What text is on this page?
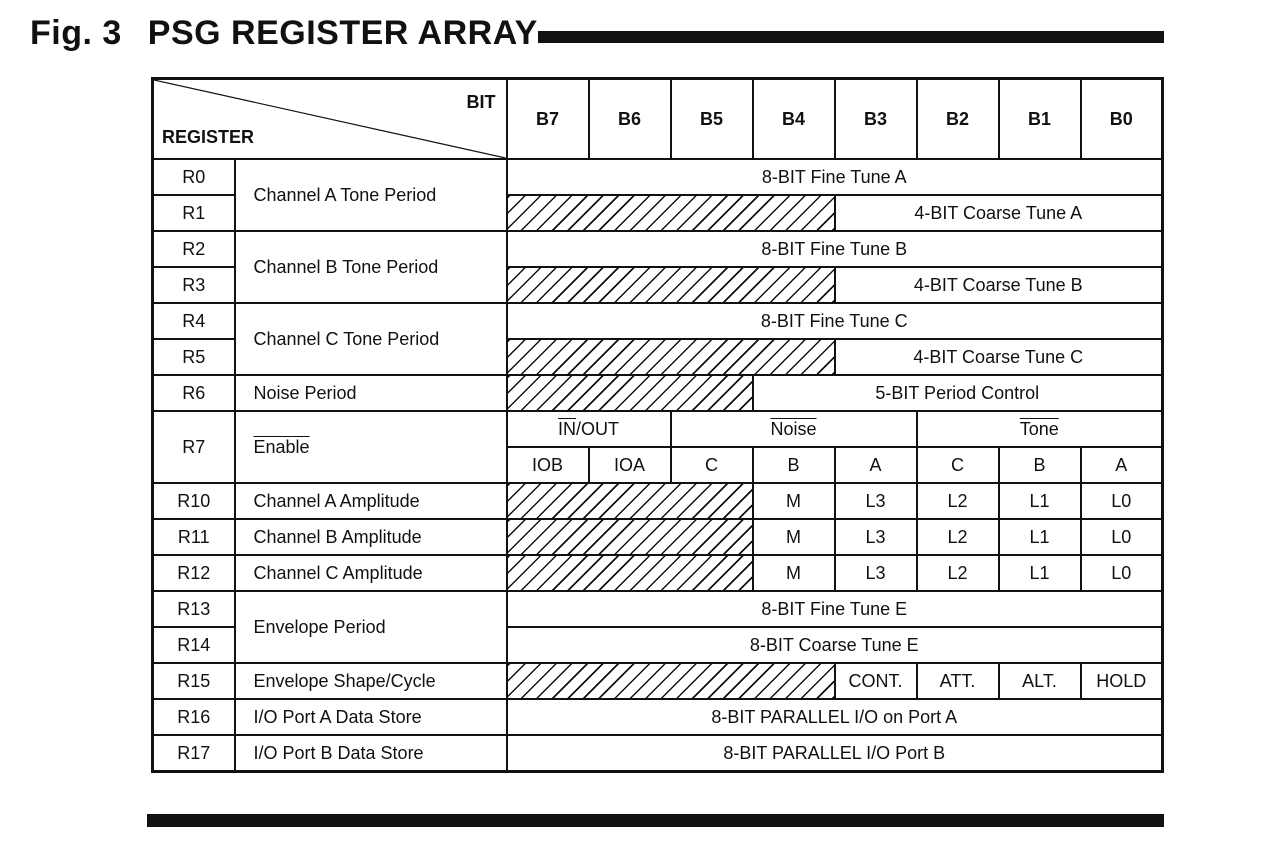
Fig. 3 PSG REGISTER ARRAY
BIT
REGISTER		B7	B6	B5	B4	B3	B2	B1	B0
R0	Channel A Tone Period	8-BIT Fine Tune A							
R1						4-BIT Coarse Tune A			
R2	Channel B Tone Period	8-BIT Fine Tune B							
R3						4-BIT Coarse Tune B			
R4	Channel C Tone Period	8-BIT Fine Tune C							
R5						4-BIT Coarse Tune C			
R6	Noise Period				5-BIT Period Control				
R7	Enable	$\overline{IN}$/OUT		Noise			Tone		
		IOB	IOA	C	B	A	C	B	A
R10	Channel A Amplitude				M	L3	L2	L1	L0
R11	Channel B Amplitude				M	L3	L2	L1	L0
R12	Channel C Amplitude				M	L3	L2	L1	L0
R13	Envelope Period	8-BIT Fine Tune E							
R14		8-BIT Coarse Tune E							
R15	Envelope Shape/Cycle					CONT.	ATT.	ALT.	HOLD
R16	I/O Port A Data Store	8-BIT PARALLEL I/O on Port A							
R17	I/O Port B Data Store	8-BIT PARALLEL I/O Port B							
